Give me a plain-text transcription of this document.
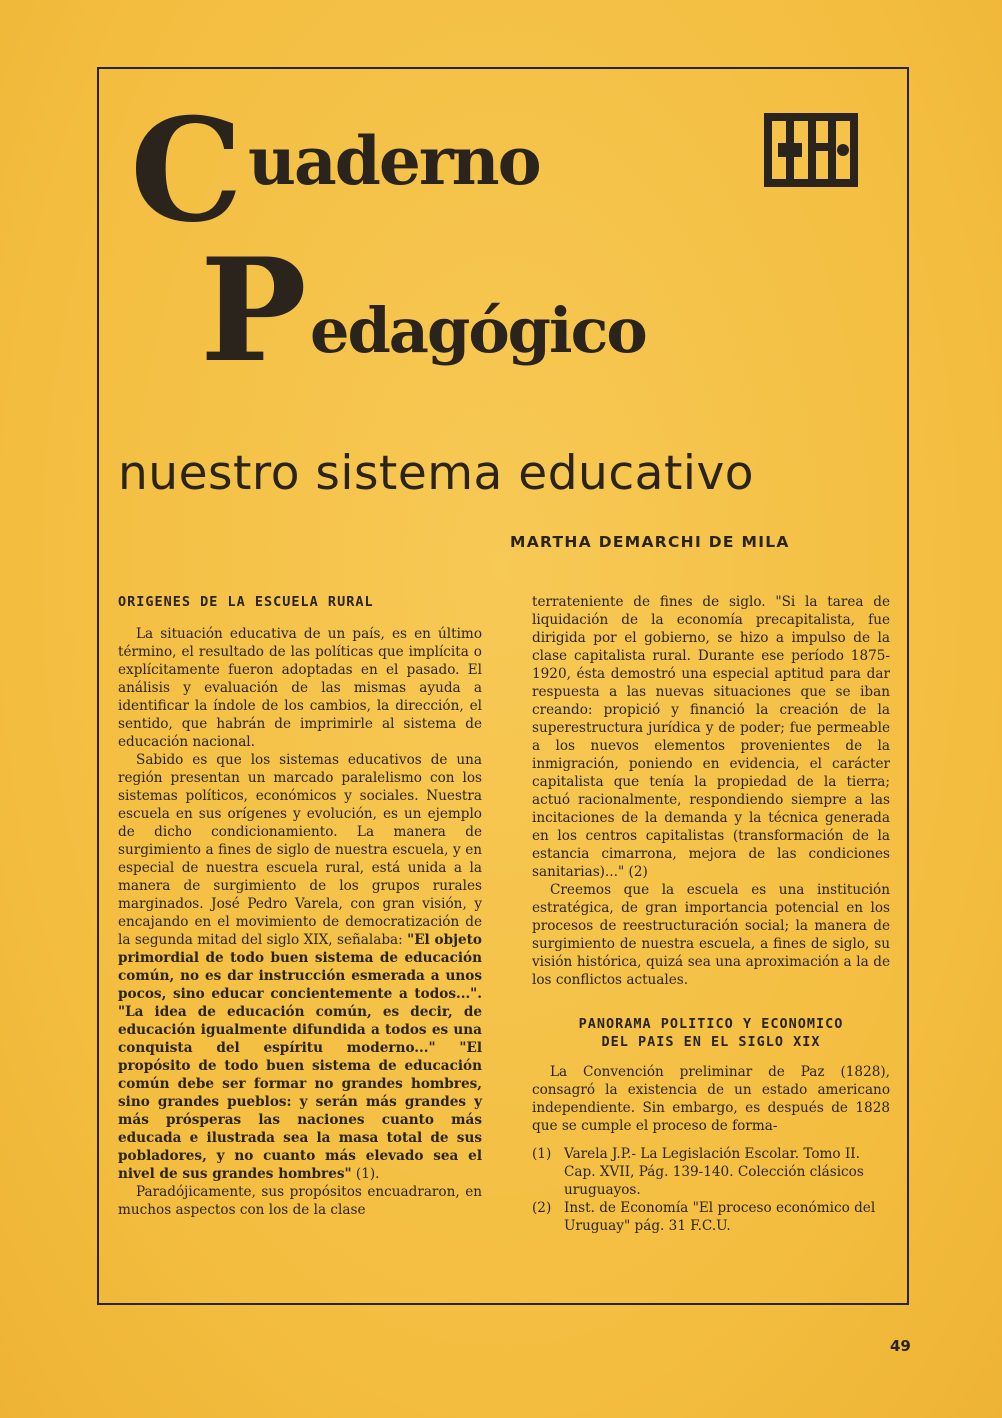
C uaderno
P edagógico
nuestro sistema educativo
MARTHA DEMARCHI DE MILA
ORIGENES DE LA ESCUELA RURAL

La situación educativa de un país, es en último término, el resultado de las políticas que implícita o explícitamente fueron adoptadas en el pasado. El análisis y evaluación de las mismas ayuda a identificar la índole de los cambios, la dirección, el sentido, que habrán de imprimirle al sistema de educación nacional.

Sabido es que los sistemas educativos de una región presentan un marcado paralelismo con los sistemas políticos, económicos y sociales. Nuestra escuela en sus orígenes y evolución, es un ejemplo de dicho condicionamiento. La manera de surgimiento a fines de siglo de nuestra escuela, y en especial de nuestra escuela rural, está unida a la manera de surgimiento de los grupos rurales marginados. José Pedro Varela, con gran visión, y encajando en el movimiento de democratización de la segunda mitad del siglo XIX, señalaba: "El objeto primordial de todo buen sistema de educación común, no es dar instrucción esmerada a unos pocos, sino educar concientemente a todos...". "La idea de educación común, es decir, de educación igualmente difundida a todos es una conquista del espíritu moderno..." "El propósito de todo buen sistema de educación común debe ser formar no grandes hombres, sino grandes pueblos: y serán más grandes y más prósperas las naciones cuanto más educada e ilustrada sea la masa total de sus pobladores, y no cuanto más elevado sea el nivel de sus grandes hombres" (1).

Paradójicamente, sus propósitos encuadraron, en muchos aspectos con los de la clase

terrateniente de fines de siglo. "Si la tarea de liquidación de la economía precapitalista, fue dirigida por el gobierno, se hizo a impulso de la clase capitalista rural. Durante ese período 1875-1920, ésta demostró una especial aptitud para dar respuesta a las nuevas situaciones que se iban creando: propició y financió la creación de la superestructura jurídica y de poder; fue permeable a los nuevos elementos provenientes de la inmigración, poniendo en evidencia, el carácter capitalista que tenía la propiedad de la tierra; actuó racionalmente, respondiendo siempre a las incitaciones de la demanda y la técnica generada en los centros capitalistas (transformación de la estancia cimarrona, mejora de las condiciones sanitarias)..." (2)

Creemos que la escuela es una institución estratégica, de gran importancia potencial en los procesos de reestructuración social; la manera de surgimiento de nuestra escuela, a fines de siglo, su visión histórica, quizá sea una aproximación a la de los conflictos actuales.

PANORAMA POLITICO Y ECONOMICO
DEL PAIS EN EL SIGLO XIX

La Convención preliminar de Paz (1828), consagró la existencia de un estado americano independiente. Sin embargo, es después de 1828 que se cumple el proceso de forma-

(1) Varela J.P.- La Legislación Escolar. Tomo II. Cap. XVII, Pág. 139-140. Colección clásicos uruguayos.
(2) Inst. de Economía "El proceso económico del Uruguay" pág. 31 F.C.U.
49
